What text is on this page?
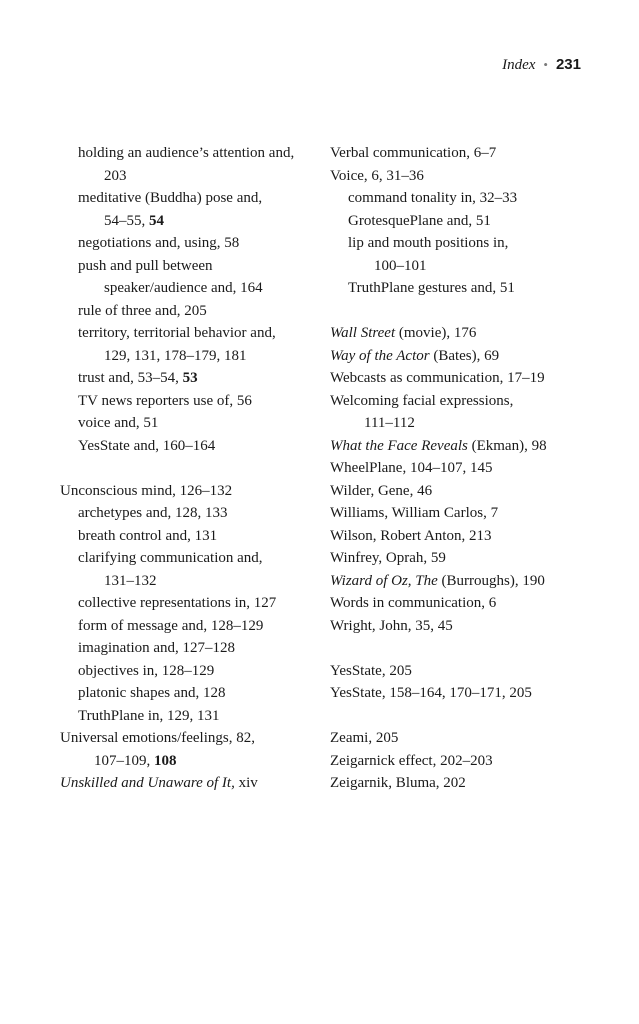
Index • 231
holding an audience’s attention and,
203
meditative (Buddha) pose and,
54–55, 54
negotiations and, using, 58
push and pull between
speaker/audience and, 164
rule of three and, 205
territory, territorial behavior and,
129, 131, 178–179, 181
trust and, 53–54, 53
TV news reporters use of, 56
voice and, 51
YesState and, 160–164
Unconscious mind, 126–132
archetypes and, 128, 133
breath control and, 131
clarifying communication and,
131–132
collective representations in, 127
form of message and, 128–129
imagination and, 127–128
objectives in, 128–129
platonic shapes and, 128
TruthPlane in, 129, 131
Universal emotions/feelings, 82,
107–109, 108
Unskilled and Unaware of It, xiv
Verbal communication, 6–7
Voice, 6, 31–36
command tonality in, 32–33
GrotesquePlane and, 51
lip and mouth positions in,
100–101
TruthPlane gestures and, 51
Wall Street (movie), 176
Way of the Actor (Bates), 69
Webcasts as communication, 17–19
Welcoming facial expressions,
111–112
What the Face Reveals (Ekman), 98
WheelPlane, 104–107, 145
Wilder, Gene, 46
Williams, William Carlos, 7
Wilson, Robert Anton, 213
Winfrey, Oprah, 59
Wizard of Oz, The (Burroughs), 190
Words in communication, 6
Wright, John, 35, 45
YesState, 205
YesState, 158–164, 170–171, 205
Zeami, 205
Zeigarnick effect, 202–203
Zeigarnik, Bluma, 202
